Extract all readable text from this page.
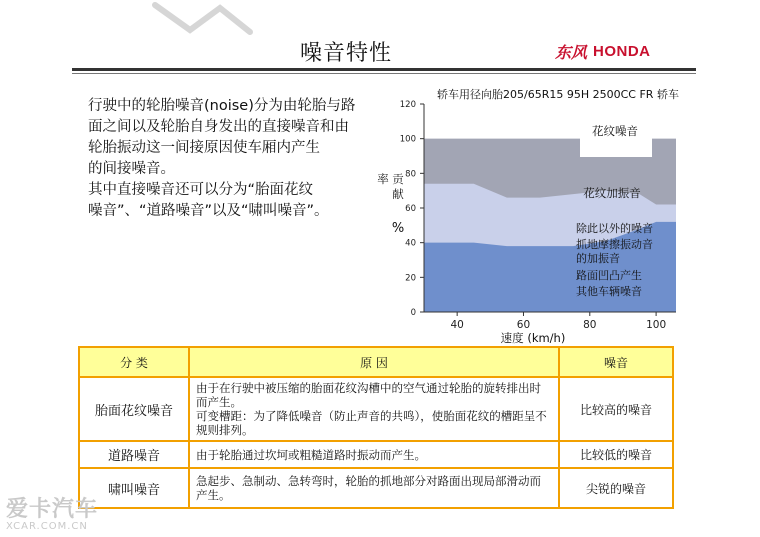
噪音特性	东风 HONDA

行驶中的轮胎噪音(noise)分为由轮胎与路

面之间以及轮胎自身发出的直接噪音和由

轮胎振动这一间接原因使车厢内产生

的间接噪音。

其中直接噪音还可以分为“胎面花纹

噪音”、“道路噪音”以及“啸叫噪音”。

轿车用径向胎205/65R15 95H 2500CC FR 轿车
0
20
40
60
80
100
120
40	60	80	100
速度 (km/h)
贡
献
率
%
花纹噪音
花纹加振音
除此以外的噪音
抓地摩擦振动音
的加振音
路面凹凸产生
其他车辆噪音
分 类	原 因	噪音
胎面花纹噪音	由于在行驶中被压缩的胎面花纹沟槽中的空气通过轮胎的旋转排出时而产生。
可变槽距：为了降低噪音（防止声音的共鸣），使胎面花纹的槽距呈不规则排列。	比较高的噪音
道路噪音	由于轮胎通过坎坷或粗糙道路时振动而产生。	比较低的噪音
啸叫噪音	急起步、急制动、急转弯时，轮胎的抓地部分对路面出现局部滑动而产生。	尖锐的噪音
爱卡汽车
XCAR.COM.CN
